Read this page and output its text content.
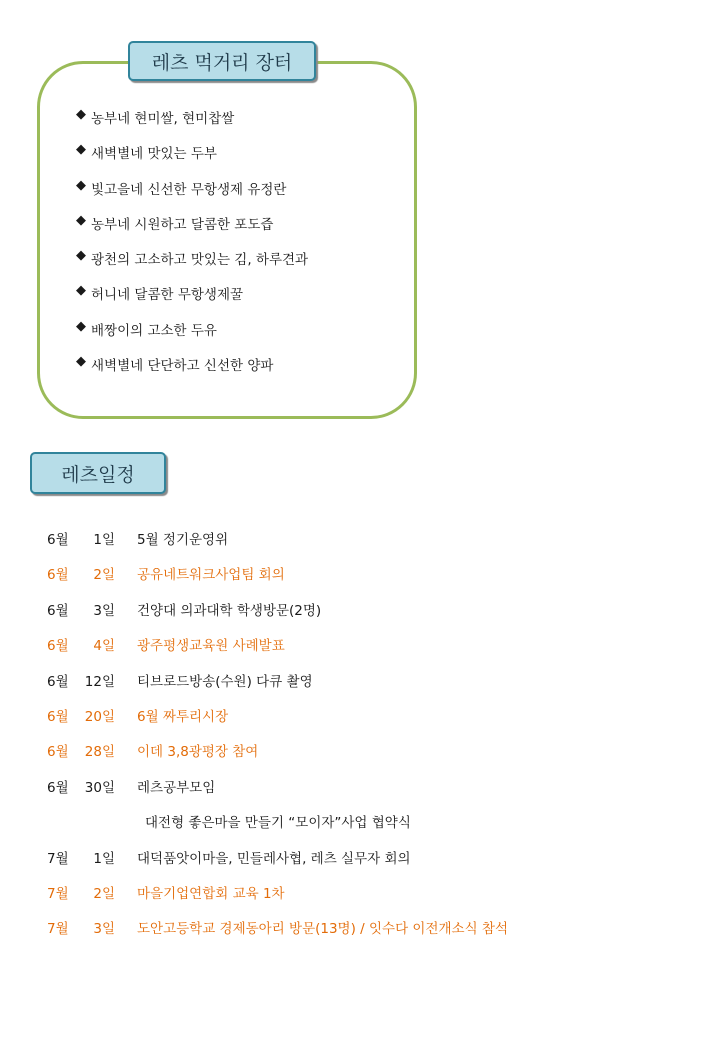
레츠 먹거리 장터
◆ 농부네 현미쌀, 현미찹쌀
◆ 새벽별네 맛있는 두부
◆ 빛고을네 신선한 무항생제 유정란
◆ 농부네 시원하고 달콤한 포도즙
◆ 광천의 고소하고 맛있는 김, 하루견과
◆ 허니네 달콤한 무항생제꿀
◆ 배짱이의 고소한 두유
◆ 새벽별네 단단하고 신선한 양파
레츠일정
6월	1일 5월 정기운영위
6월	2일 공유네트워크사업팀 회의
6월	3일 건양대 의과대학 학생방문(2명)
6월	4일 광주평생교육원 사례발표
6월	12일 티브로드방송(수원) 다큐 촬영
6월	20일 6월 짜투리시장
6월	28일 이데 3,8광평장 참여
6월	30일 레츠공부모임
대전형 좋은마을 만들기 “모이자”사업 협약식
7월	1일 대덕품앗이마을, 민들레사협, 레츠 실무자 회의
7월	2일 마을기업연합회 교육 1차
7월	3일 도안고등학교 경제동아리 방문(13명) / 잇수다 이전개소식 참석
